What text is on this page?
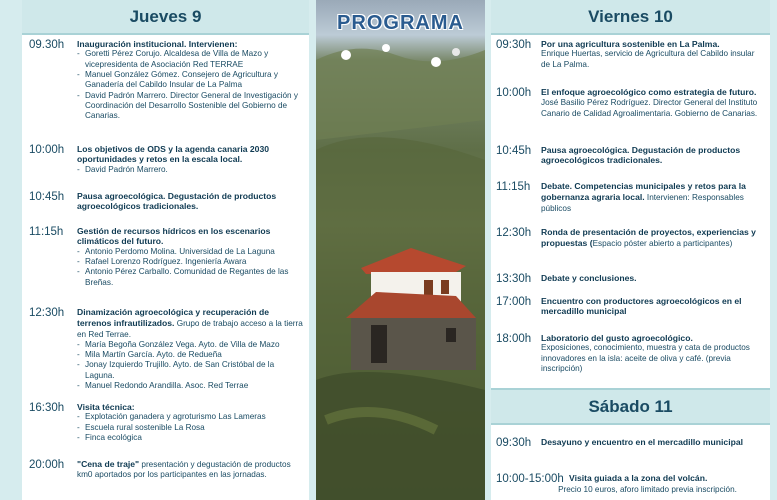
Jueves 9
09.30h Inauguración institucional. Intervienen:
- Goretti Pérez Corujo. Alcaldesa de Villa de Mazo y vicepresidenta de Asociación Red TERRAE
- Manuel González Gómez. Consejero de Agricultura y Ganadería del Cabildo Insular de La Palma
- David Padrón Marrero. Director General de Investigación y Coordinación del Desarrollo Sostenible del Gobierno de Canarias.
10:00h Los objetivos de ODS y la agenda canaria 2030 oportunidades y retos en la escala local.
- David Padrón Marrero.
10:45h Pausa agroecológica. Degustación de productos agroecológicos tradicionales.
11:15h Gestión de recursos hídricos en los escenarios climáticos del futuro.
- Antonio Perdomo Molina. Universidad de La Laguna
- Rafael Lorenzo Rodríguez. Ingeniería Awara
- Antonio Pérez Carballo. Comunidad de Regantes de las Breñas.
12:30h Dinamización agroecológica y recuperación de terrenos infrautilizados. Grupo de trabajo acceso a la tierra en Red Terrae.
- María Begoña González Vega. Ayto. de Villa de Mazo
- Mila Martín García. Ayto. de Redueña
- Jonay Izquierdo Trujillo. Ayto. de San Cristóbal de la Laguna.
- Manuel Redondo Arandilla. Asoc. Red Terrae
16:30h Visita técnica:
- Explotación ganadera y agroturismo Las Lameras
- Escuela rural sostenible La Rosa
- Finca ecológica
20:00h "Cena de traje" presentación y degustación de productos km0 aportados por los participantes en las jornadas.
PROGRAMA	Viernes 10
09:30h Por una agricultura sostenible en La Palma.
Enrique Huertas, servicio de Agricultura del Cabildo insular de La Palma.
10:00h El enfoque agroecológico como estrategia de futuro. José Basilio Pérez Rodríguez. Director General del Instituto Canario de Calidad Agroalimentaria. Gobierno de Canarias.
10:45h Pausa agroecológica. Degustación de productos agroecológicos tradicionales.
11:15h Debate. Competencias municipales y retos para la gobernanza agraria local. Intervienen: Responsables públicos
12:30h Ronda de presentación de proyectos, experiencias y propuestas (Espacio póster abierto a participantes)
13:30h Debate y conclusiones.
17:00h Encuentro con productores agroecológicos en el mercadillo municipal
18:00h Laboratorio del gusto agroecológico.
Exposiciones, conocimiento, muestra y cata de productos innovadores en la isla: aceite de oliva y café. (previa inscripción)
Sábado 11
09:30h Desayuno y encuentro en el mercadillo municipal
10:00-15:00h Visita guiada a la zona del volcán.
Precio 10 euros, aforo limitado previa inscripción.
